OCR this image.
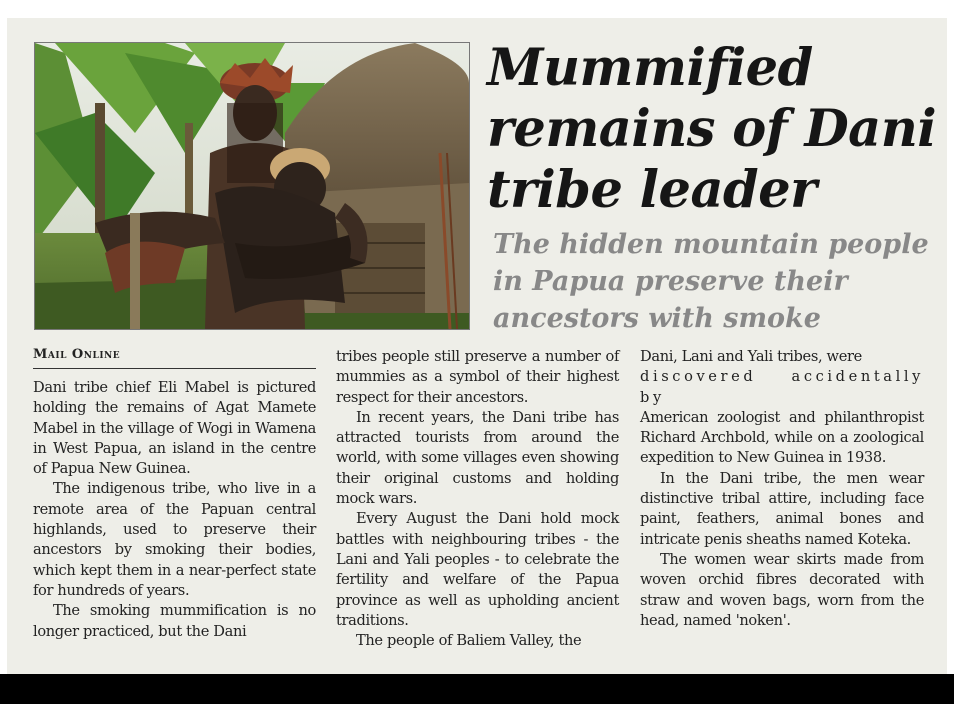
Mummified remains of Dani tribe leader
The hidden mountain people in Papua preserve their ancestors with smoke
Mail Online

Dani tribe chief Eli Mabel is pictured holding the remains of Agat Mamete Mabel in the village of Wogi in Wamena in West Papua, an island in the centre of Papua New Guinea.

The indigenous tribe, who live in a remote area of the Papuan central highlands, used to preserve their ancestors by smoking their bodies, which kept them in a near-perfect state for hundreds of years.

The smoking mummification is no longer practiced, but the Dani

tribes people still preserve a number of mummies as a symbol of their highest respect for their ancestors.

In recent years, the Dani tribe has attracted tourists from around the world, with some villages even showing their original customs and holding mock wars.

Every August the Dani hold mock battles with neighbouring tribes - the Lani and Yali peoples - to celebrate the fertility and welfare of the Papua province as well as upholding ancient traditions.

The people of Baliem Valley, the

Dani, Lani and Yali tribes, were

discovered accidentally by

American zoologist and philanthropist Richard Archbold, while on a zoological expedition to New Guinea in 1938.

In the Dani tribe, the men wear distinctive tribal attire, including face paint, feathers, animal bones and intricate penis sheaths named Koteka.

The women wear skirts made from woven orchid fibres decorated with straw and woven bags, worn from the head, named 'noken'.
